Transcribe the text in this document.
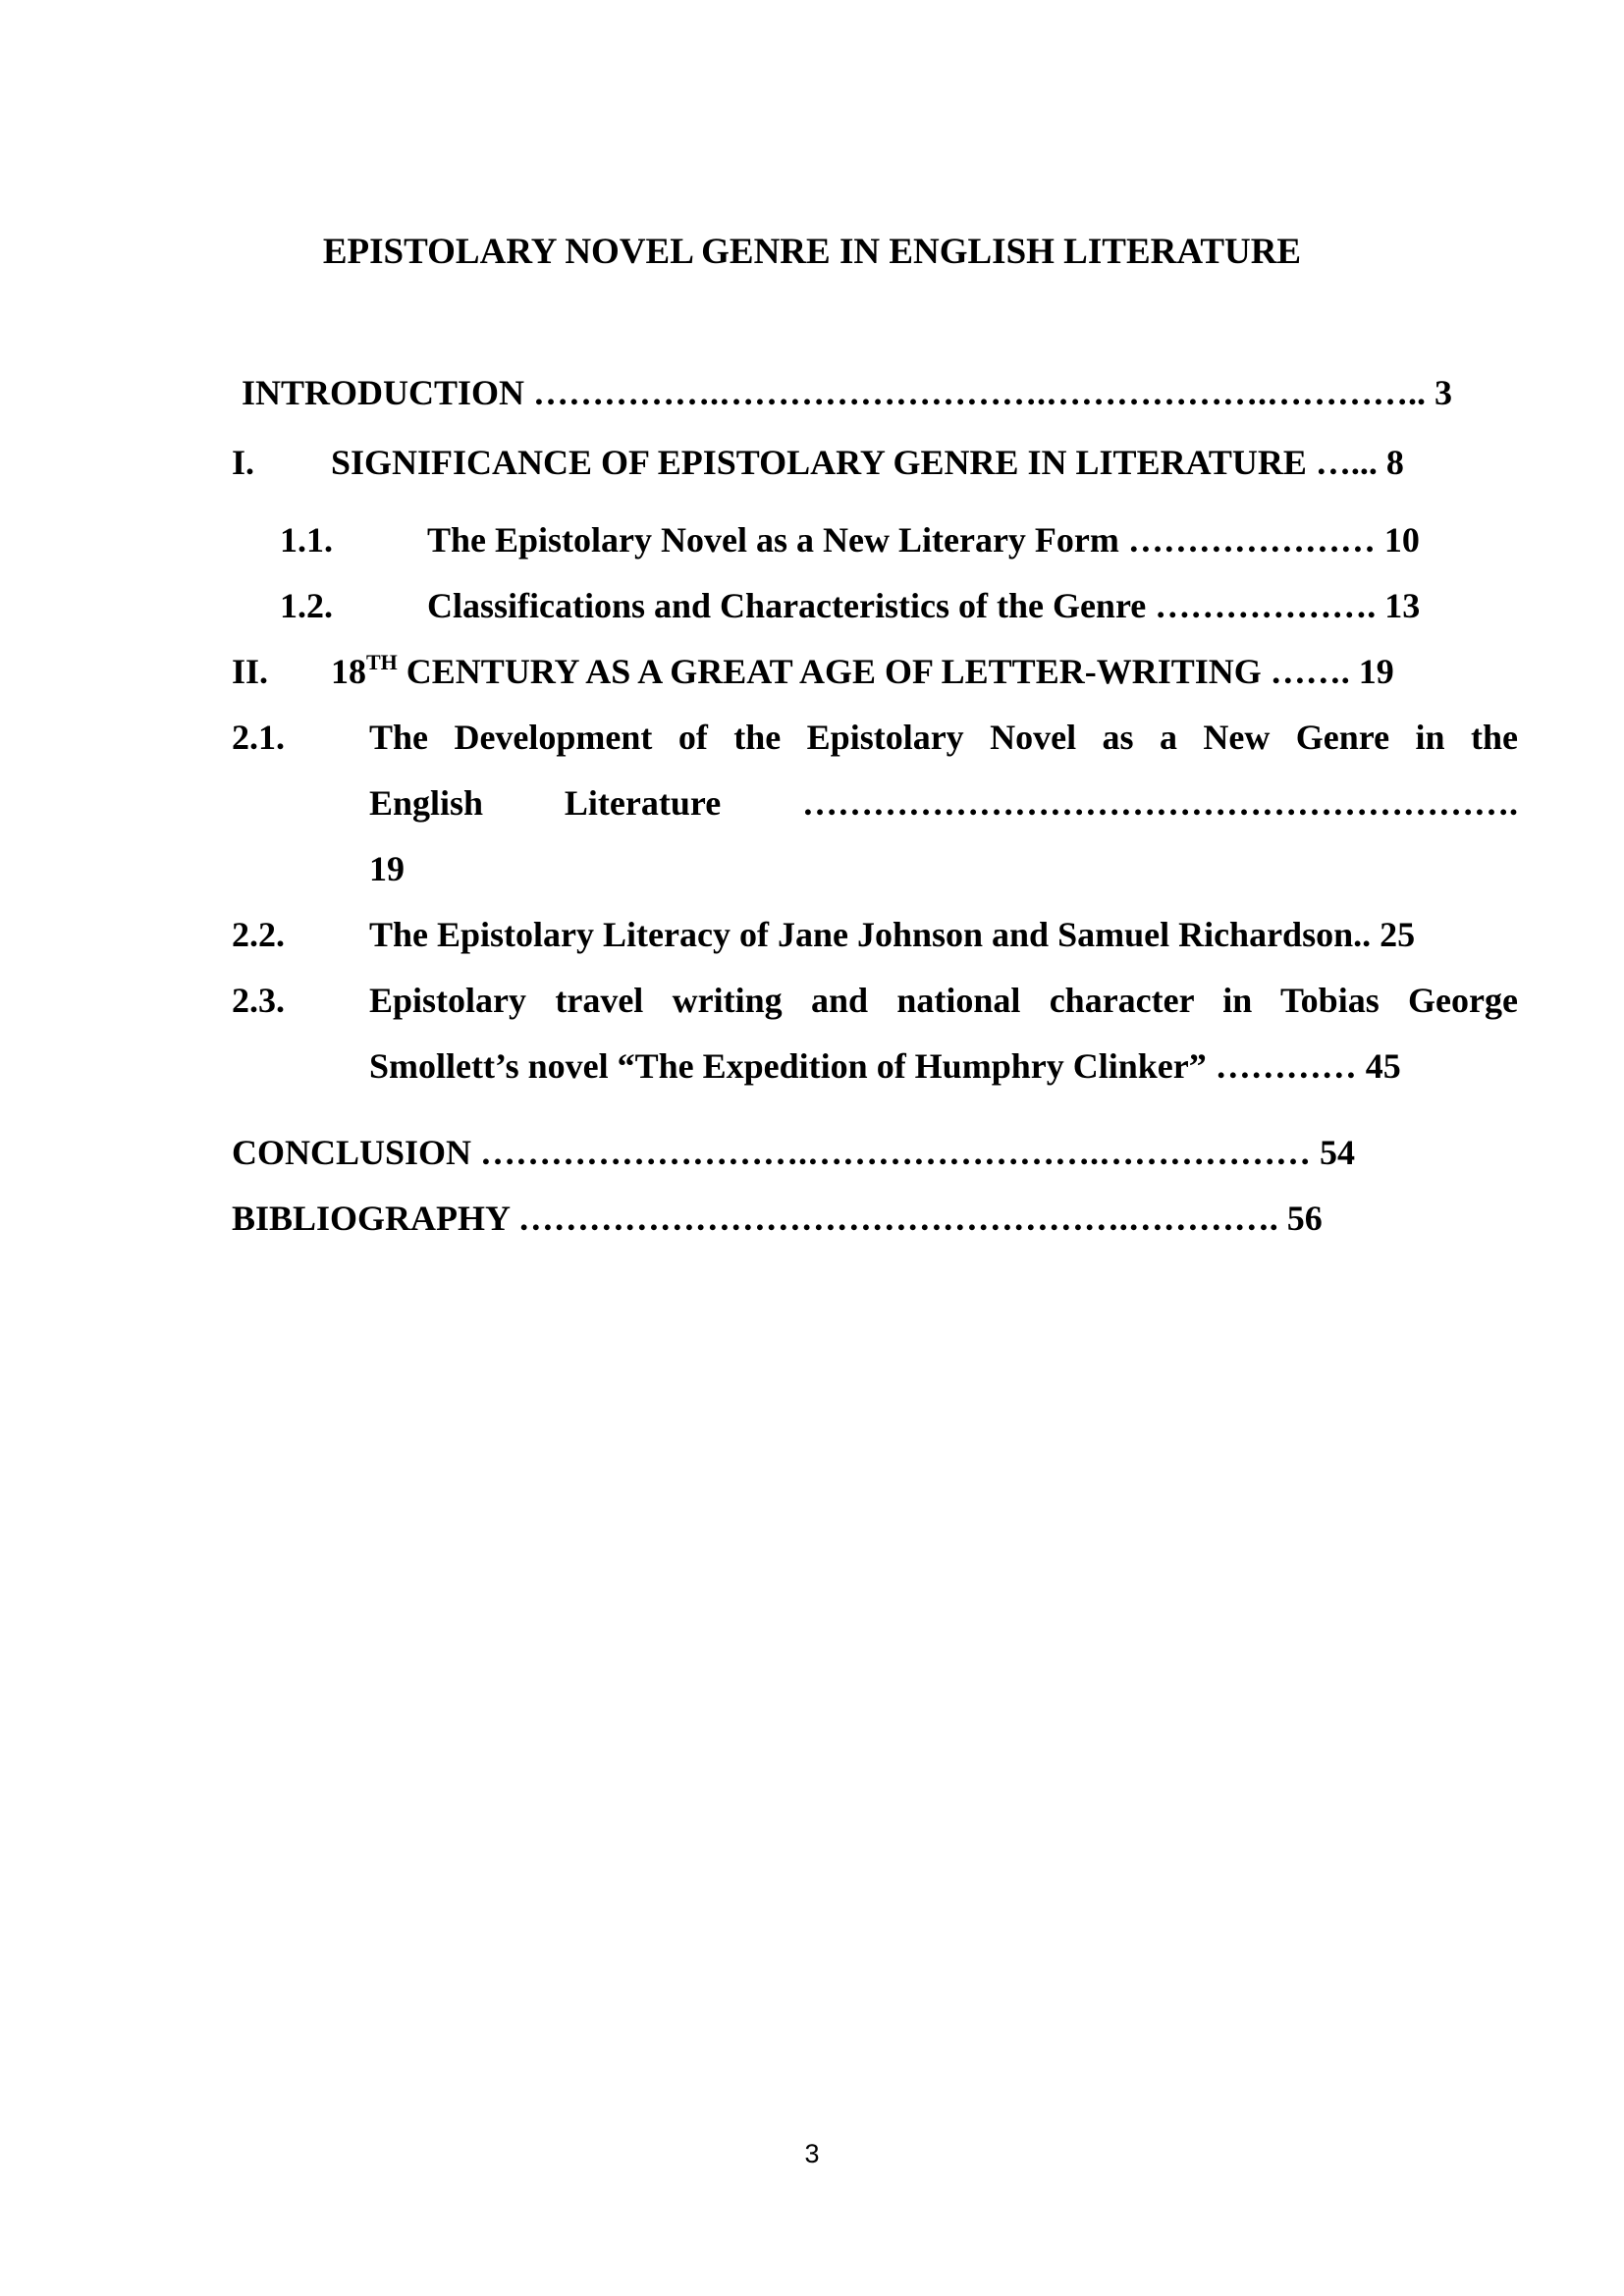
EPISTOLARY NOVEL GENRE IN ENGLISH LITERATURE

INTRODUCTION …………….……………………….……………….………….. 3

I. SIGNIFICANCE OF EPISTOLARY GENRE IN LITERATURE …... 8
1.1.	The Epistolary Novel as a New Literary Form ………………… 10
1.2.	Classifications and Characteristics of the Genre ………………. 13
II. 18TH CENTURY AS A GREAT AGE OF LETTER-WRITING ……. 19
2.1. The Development of the Epistolary Novel as a New Genre in the
English Literature …………………………………………………….
19
2.2. The Epistolary Literacy of Jane Johnson and Samuel Richardson.. 25
2.3. Epistolary travel writing and national character in Tobias George
Smollett’s novel “The Expedition of Humphry Clinker” ………… 45

CONCLUSION ……………………….…………………….……………… 54

BIBLIOGRAPHY …………………………………………….…………. 56

3
